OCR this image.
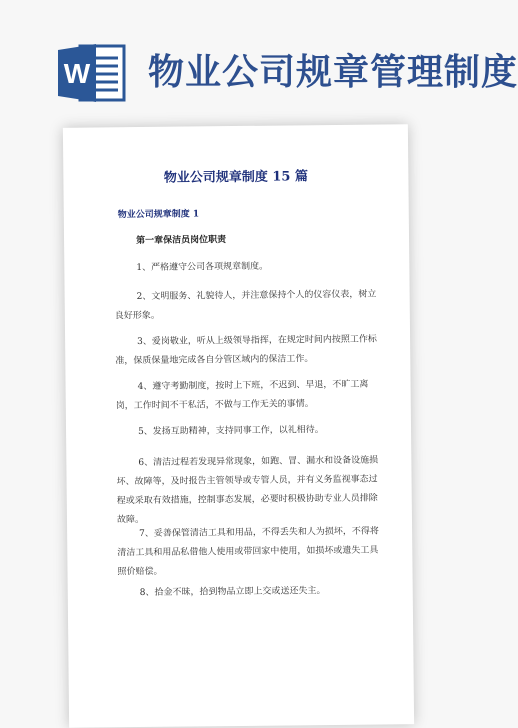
W 物业公司规章管理制度
物业公司规章制度 15 篇
物业公司规章制度 1
第一章保洁员岗位职责

1、严格遵守公司各项规章制度。

2、文明服务、礼貌待人，并注意保持个人的仪容仪表，树立良好形象。

3、爱岗敬业，听从上级领导指挥，在规定时间内按照工作标准，保质保量地完成各自分管区域内的保洁工作。

4、遵守考勤制度，按时上下班，不迟到、早退，不旷工离岗，工作时间不干私活，不做与工作无关的事情。

5、发扬互助精神，支持同事工作，以礼相待。

6、清洁过程若发现异常现象，如跑、冒、漏水和设备设施损坏、故障等，及时报告主管领导或专管人员，并有义务监视事态过程或采取有效措施，控制事态发展，必要时积极协助专业人员排除故障。

7、妥善保管清洁工具和用品，不得丢失和人为损坏，不得将清洁工具和用品私借他人使用或带回家中使用，如损坏或遗失工具照价赔偿。

8、拾金不昧，拾到物品立即上交或送还失主。
